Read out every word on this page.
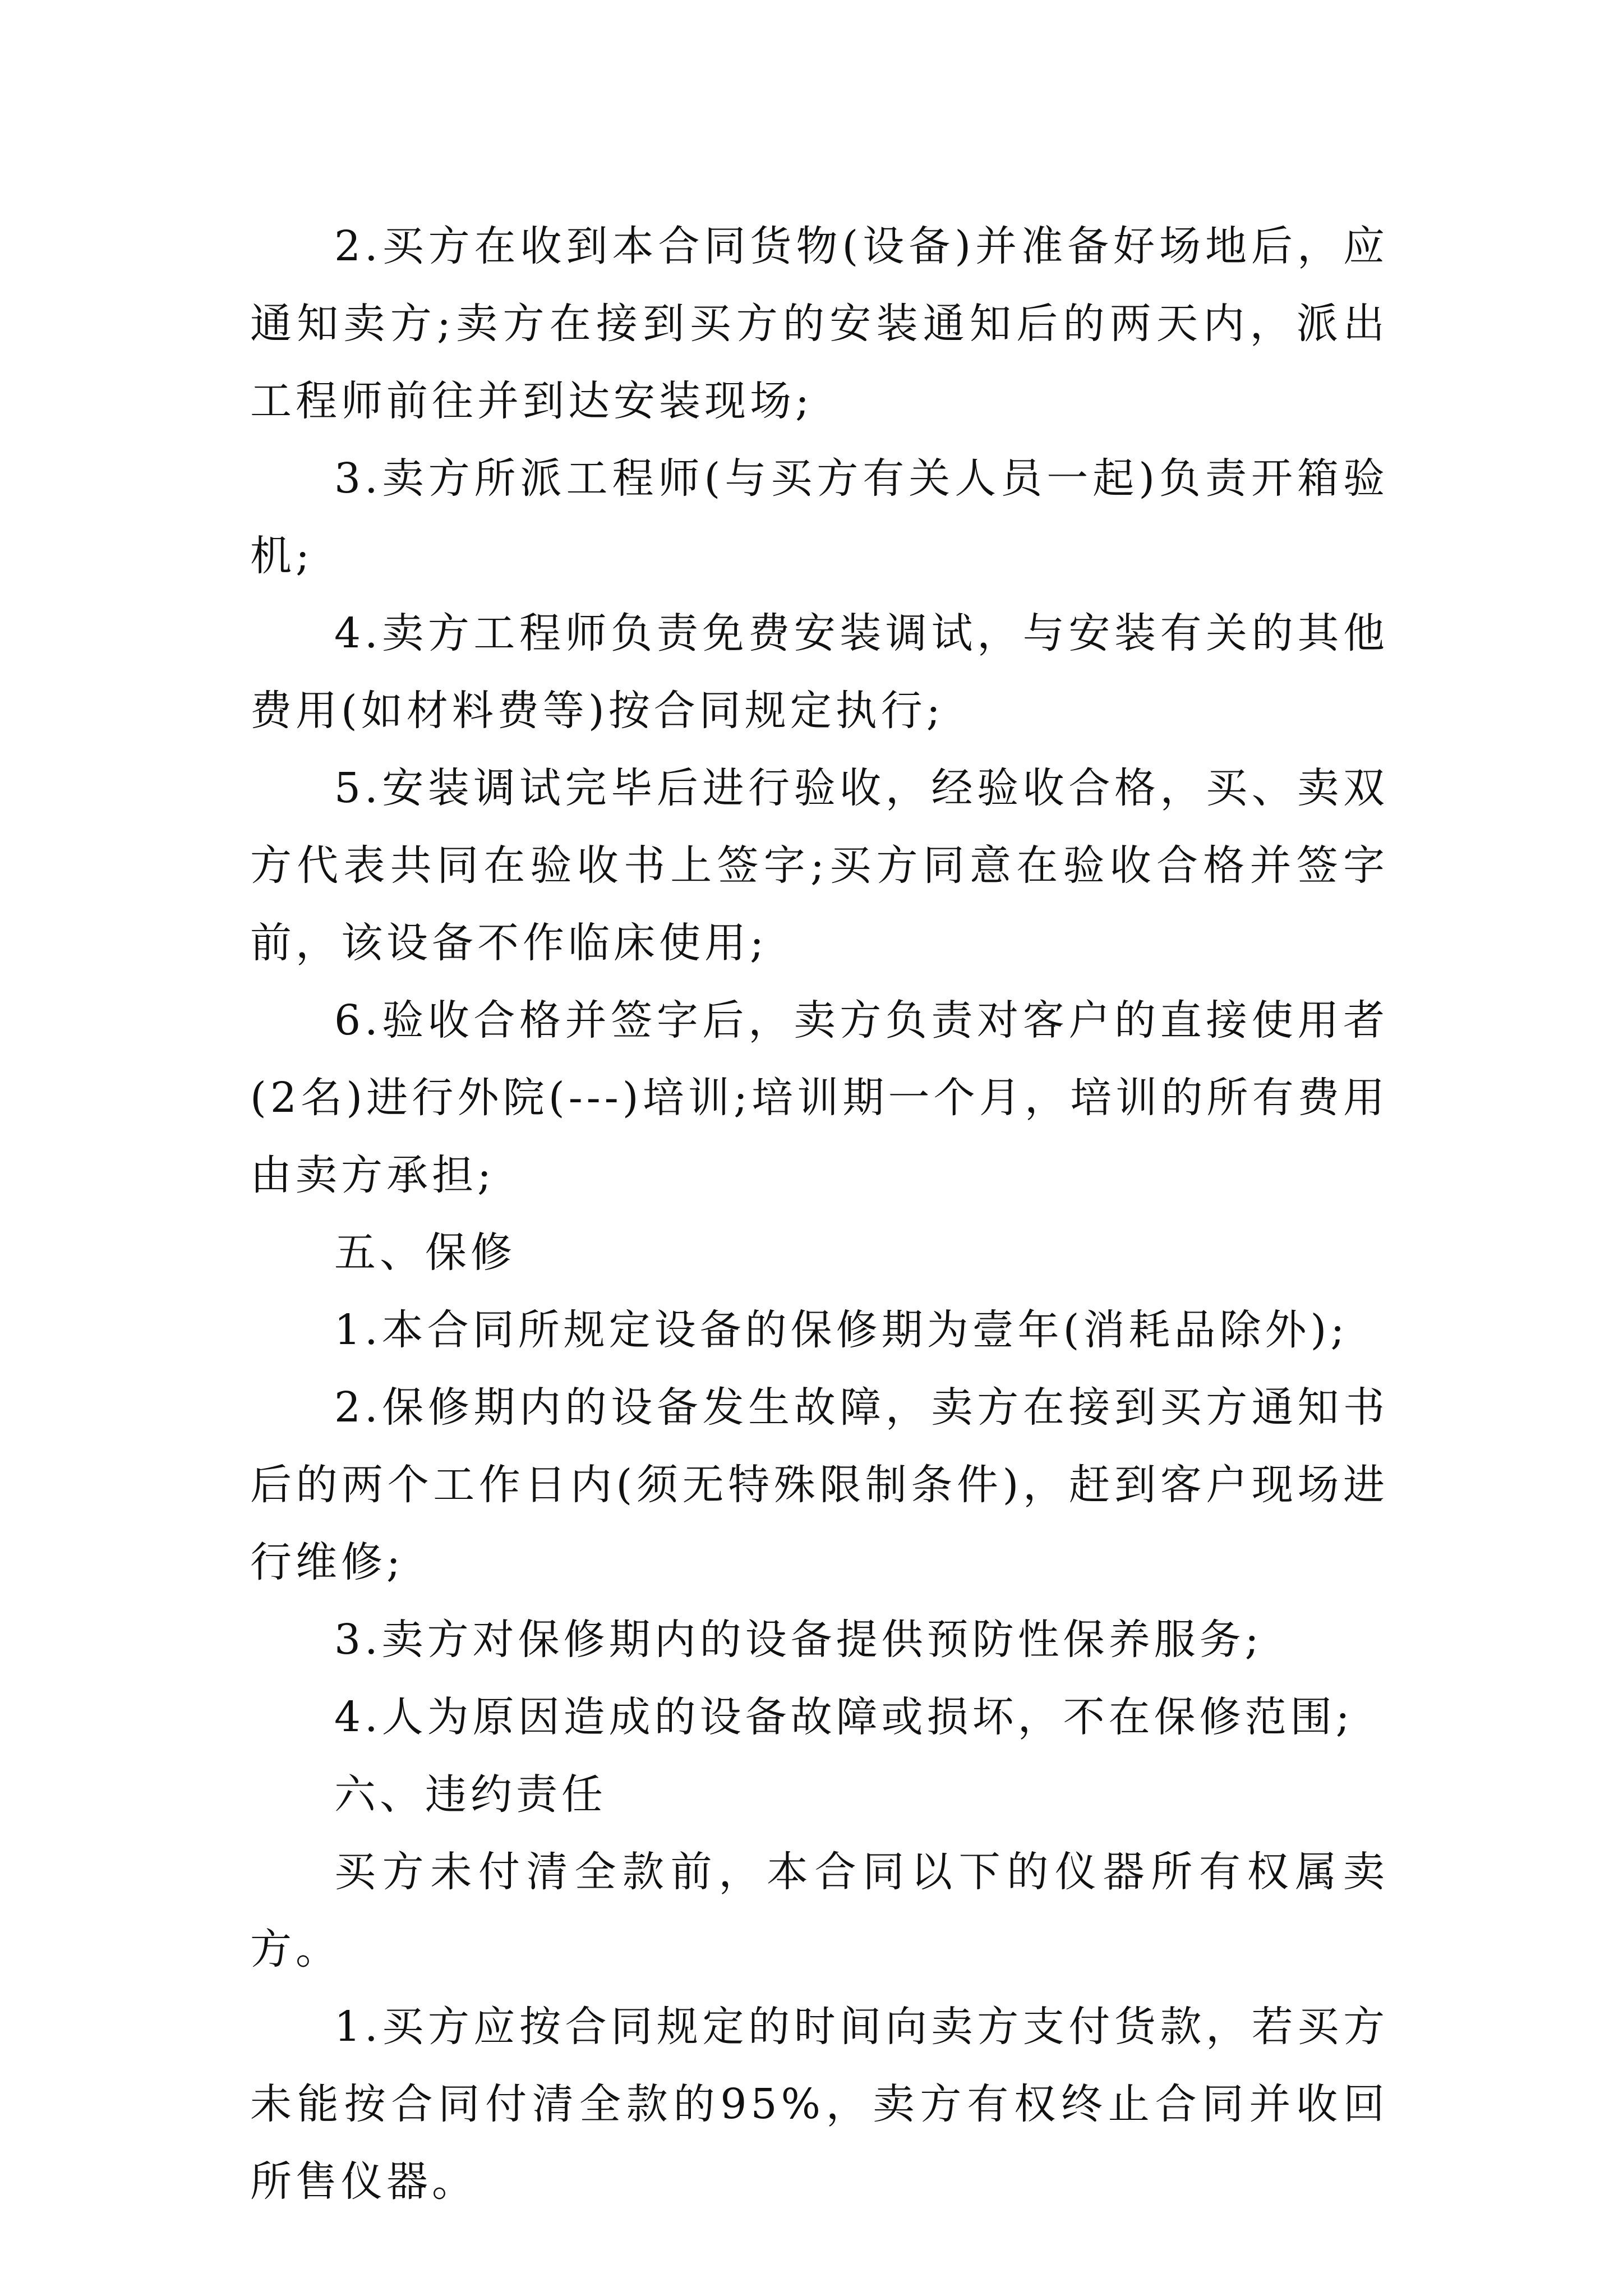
2.买方在收到本合同货物(设备)并准备好场地后，应通知卖方;卖方在接到买方的安装通知后的两天内，派出工程师前往并到达安装现场;

3.卖方所派工程师(与买方有关人员一起)负责开箱验机;

4.卖方工程师负责免费安装调试，与安装有关的其他费用(如材料费等)按合同规定执行;

5.安装调试完毕后进行验收，经验收合格，买、卖双方代表共同在验收书上签字;买方同意在验收合格并签字前，该设备不作临床使用;

6.验收合格并签字后，卖方负责对客户的直接使用者(2名)进行外院(---)培训;培训期一个月，培训的所有费用由卖方承担;

五、保修

1.本合同所规定设备的保修期为壹年(消耗品除外);

2.保修期内的设备发生故障，卖方在接到买方通知书后的两个工作日内(须无特殊限制条件)，赶到客户现场进行维修;

3.卖方对保修期内的设备提供预防性保养服务;

4.人为原因造成的设备故障或损坏，不在保修范围;

六、违约责任

买方未付清全款前，本合同以下的仪器所有权属卖方。

1.买方应按合同规定的时间向卖方支付货款，若买方未能按合同付清全款的95%，卖方有权终止合同并收回所售仪器。
